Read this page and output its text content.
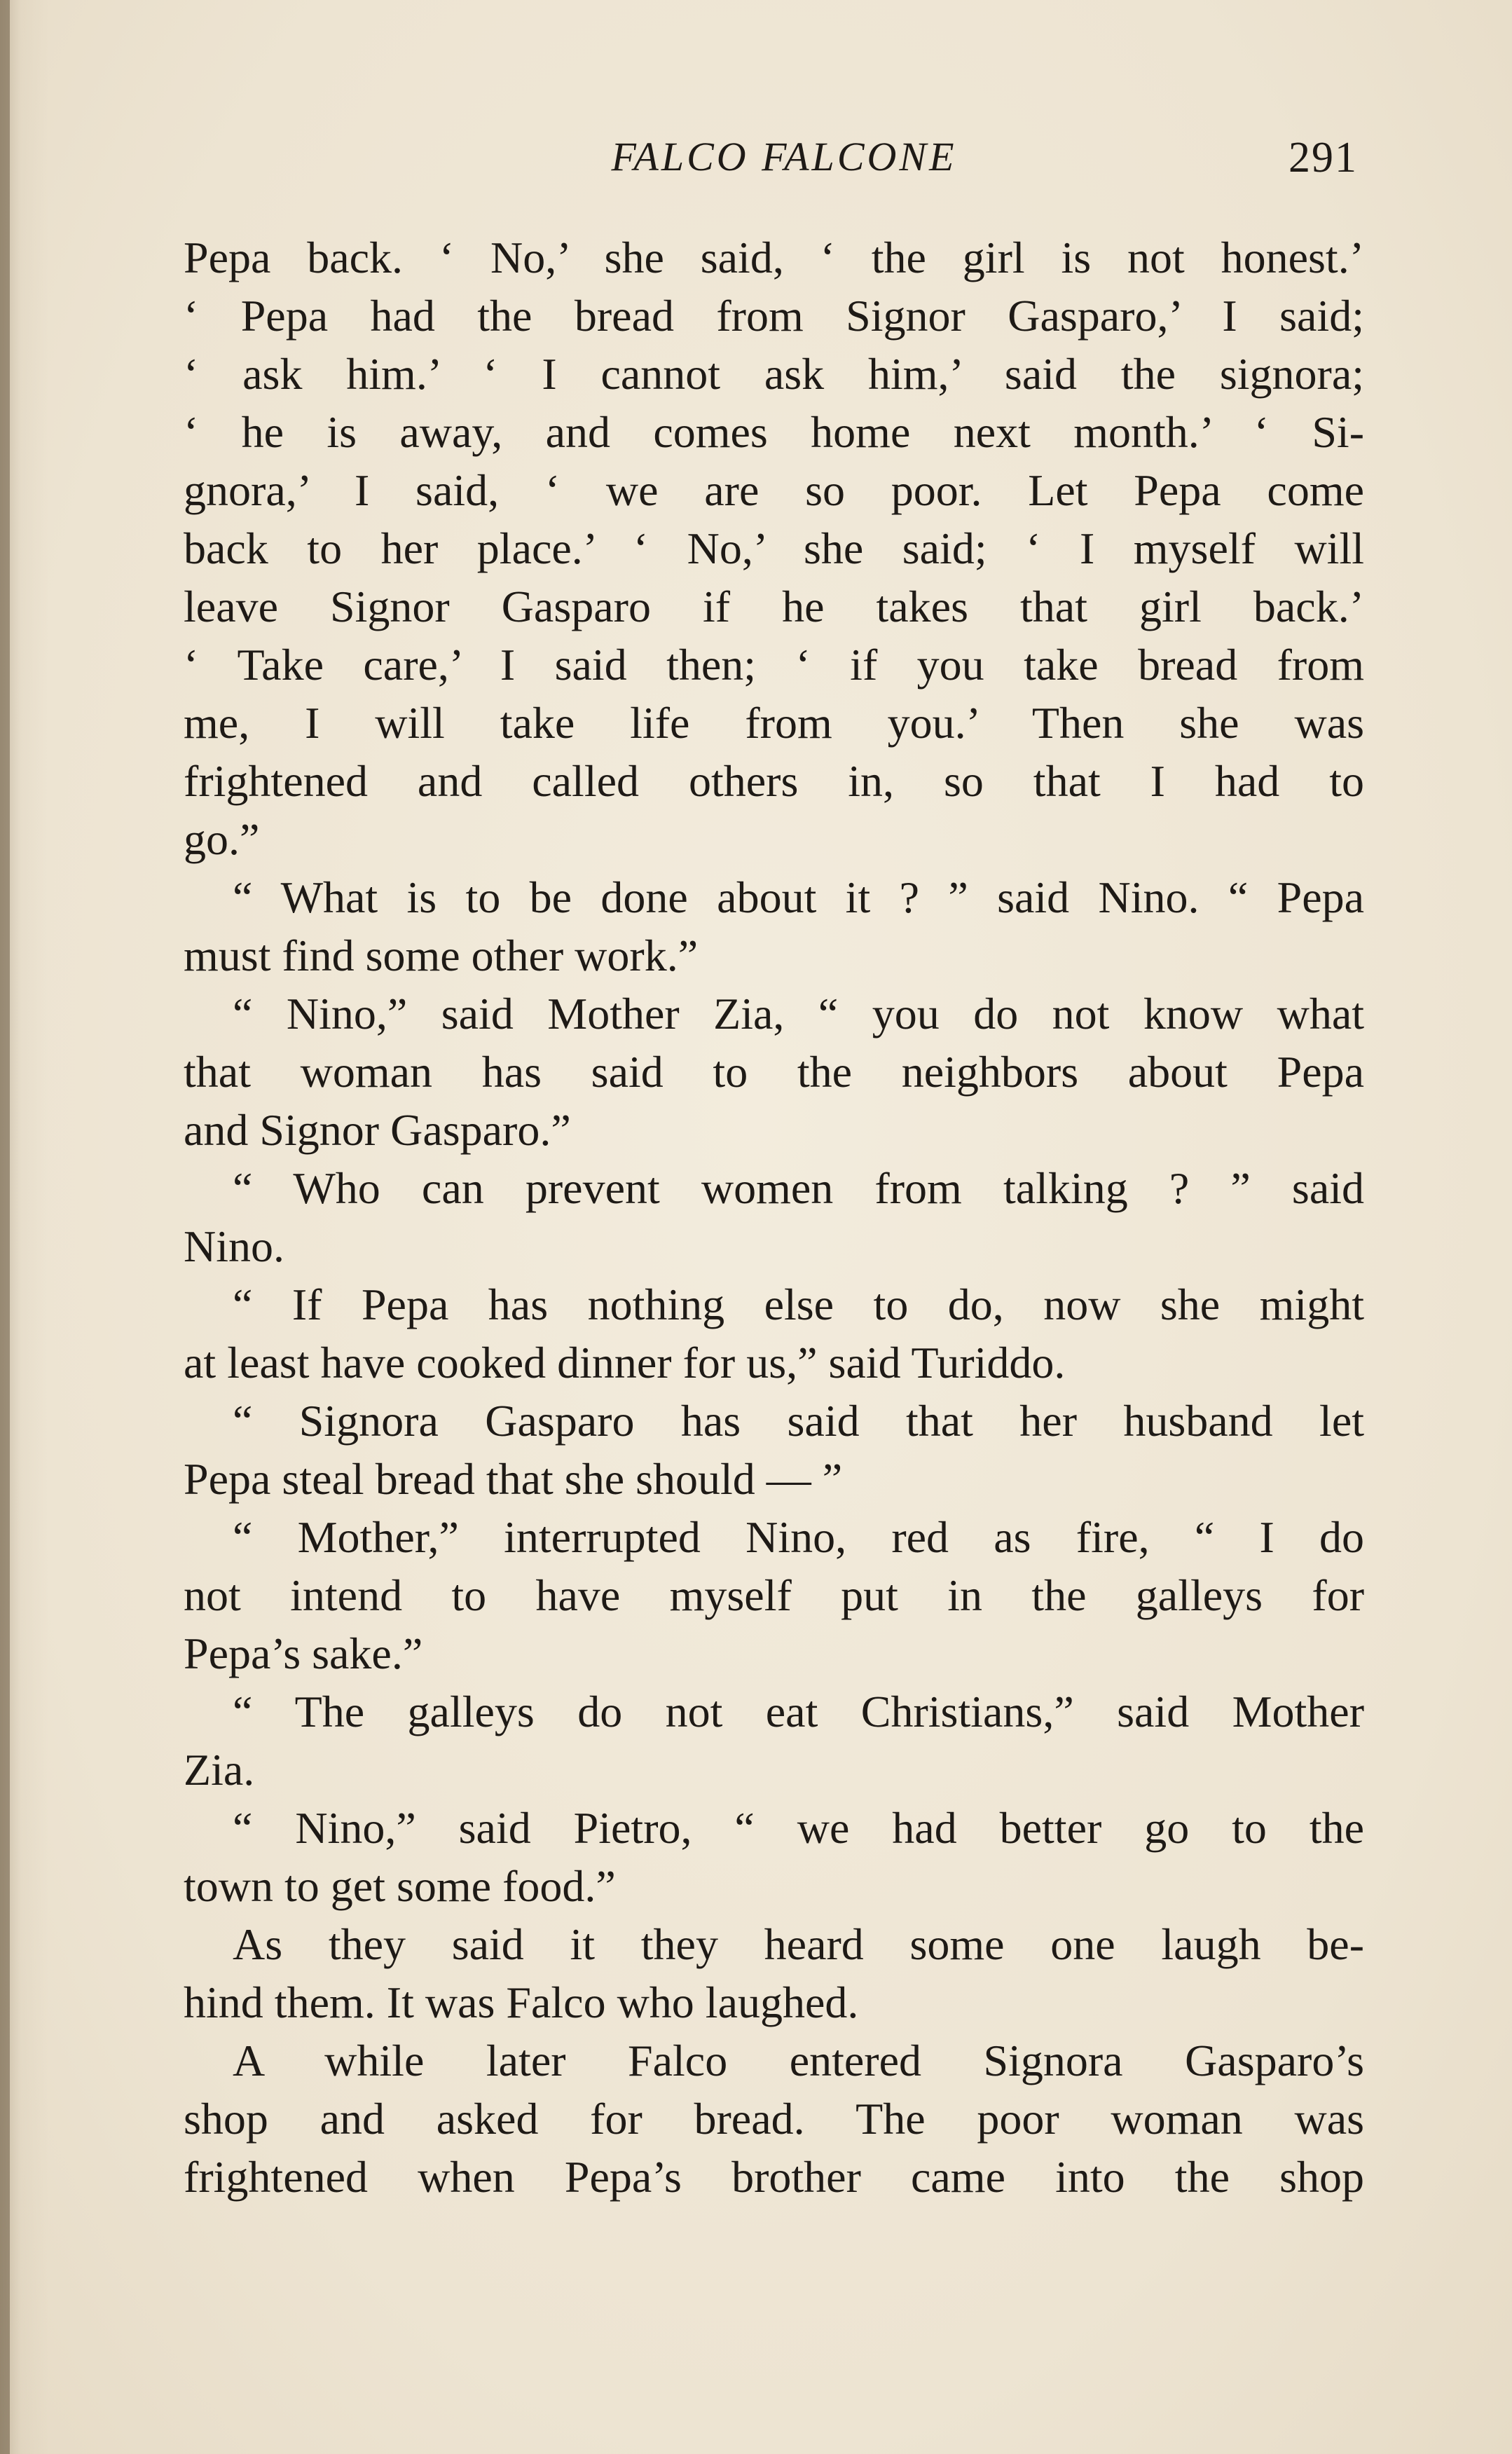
FALCO FALCONE	291
Pepa back. ‘ No,’ she said, ‘ the girl is not honest.’
‘ Pepa had the bread from Signor Gasparo,’ I said;
‘ ask him.’ ‘ I cannot ask him,’ said the signora;
‘ he is away, and comes home next month.’ ‘ Si-
gnora,’ I said, ‘ we are so poor. Let Pepa come
back to her place.’ ‘ No,’ she said; ‘ I myself will
leave Signor Gasparo if he takes that girl back.’
‘ Take care,’ I said then; ‘ if you take bread from
me, I will take life from you.’ Then she was
frightened and called others in, so that I had to
go.”
“ What is to be done about it ? ” said Nino. “ Pepa
must find some other work.”
“ Nino,” said Mother Zia, “ you do not know what
that woman has said to the neighbors about Pepa
and Signor Gasparo.”
“ Who can prevent women from talking ? ” said
Nino.
“ If Pepa has nothing else to do, now she might
at least have cooked dinner for us,” said Turiddo.
“ Signora Gasparo has said that her husband let
Pepa steal bread that she should — ”
“ Mother,” interrupted Nino, red as fire, “ I do
not intend to have myself put in the galleys for
Pepa’s sake.”
“ The galleys do not eat Christians,” said Mother
Zia.
“ Nino,” said Pietro, “ we had better go to the
town to get some food.”
As they said it they heard some one laugh be-
hind them. It was Falco who laughed.
A while later Falco entered Signora Gasparo’s
shop and asked for bread. The poor woman was
frightened when Pepa’s brother came into the shop
